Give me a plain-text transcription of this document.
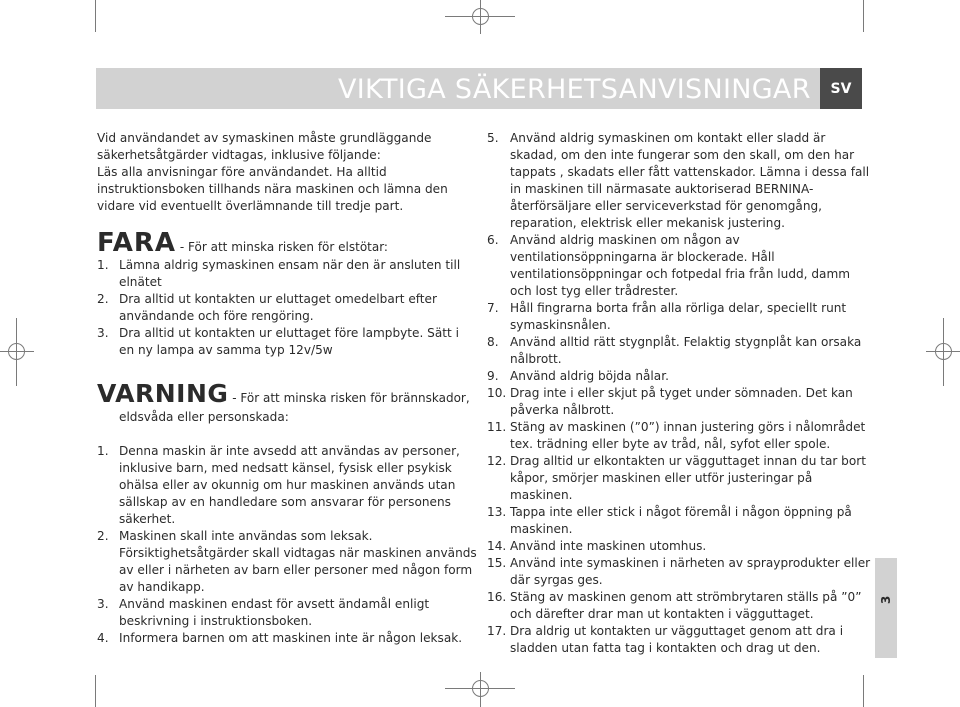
VIKTIGA SÄKERHETSANVISNINGAR	SV

Vid användandet av symaskinen måste grundläggande säkerhetsåtgärder vidtagas, inklusive följande:

Läs alla anvisningar före användandet. Ha alltid instruktionsboken tillhands nära maskinen och lämna den vidare vid eventuellt överlämnande till tredje part.

FARA - För att minska risken för elstötar:

1. Lämna aldrig symaskinen ensam när den är ansluten till elnätet
2. Dra alltid ut kontakten ur eluttaget omedelbart efter användande och före rengöring.
3. Dra alltid ut kontakten ur eluttaget före lampbyte. Sätt i en ny lampa av samma typ 12v/5w

VARNING - För att minska risken för brännskador,

eldsvåda eller personskada:

1. Denna maskin är inte avsedd att användas av personer, inklusive barn, med nedsatt känsel, fysisk eller psykisk ohälsa eller av okunnig om hur maskinen används utan sällskap av en handledare som ansvarar för personens säkerhet.
2. Maskinen skall inte användas som leksak. Försiktighetsåtgärder skall vidtagas när maskinen används av eller i närheten av barn eller personer med någon form av handikapp.
3. Använd maskinen endast för avsett ändamål enligt beskrivning i instruktionsboken.
4. Informera barnen om att maskinen inte är någon leksak.
5. Använd aldrig symaskinen om kontakt eller sladd är skadad, om den inte fungerar som den skall, om den har tappats , skadats eller fått vattenskador. Lämna i dessa fall in maskinen till närmasate auktoriserad BERNINA-återförsäljare eller serviceverkstad för genomgång, reparation, elektrisk eller mekanisk justering.
6. Använd aldrig maskinen om någon av ventilationsöppningarna är blockerade. Håll ventilationsöppningar och fotpedal fria från ludd, damm och lost tyg eller trådrester.
7. Håll fingrarna borta från alla rörliga delar, speciellt runt symaskinsnålen.
8. Använd alltid rätt stygnplåt. Felaktig stygnplåt kan orsaka nålbrott.
9. Använd aldrig böjda nålar.
10. Drag inte i eller skjut på tyget under sömnaden. Det kan påverka nålbrott.
11. Stäng av maskinen (”0”) innan justering görs i nålområdet tex. trädning eller byte av tråd, nål, syfot eller spole.
12. Drag alltid ur elkontakten ur vägguttaget innan du tar bort kåpor, smörjer maskinen eller utför justeringar på maskinen.
13. Tappa inte eller stick i något föremål i någon öppning på maskinen.
14. Använd inte maskinen utomhus.
15. Använd inte symaskinen i närheten av sprayprodukter eller där syrgas ges.
16. Stäng av maskinen genom att strömbrytaren ställs på ”0” och därefter drar man ut kontakten i vägguttaget.
17. Dra aldrig ut kontakten ur vägguttaget genom att dra i sladden utan fatta tag i kontakten och drag ut den.
3
